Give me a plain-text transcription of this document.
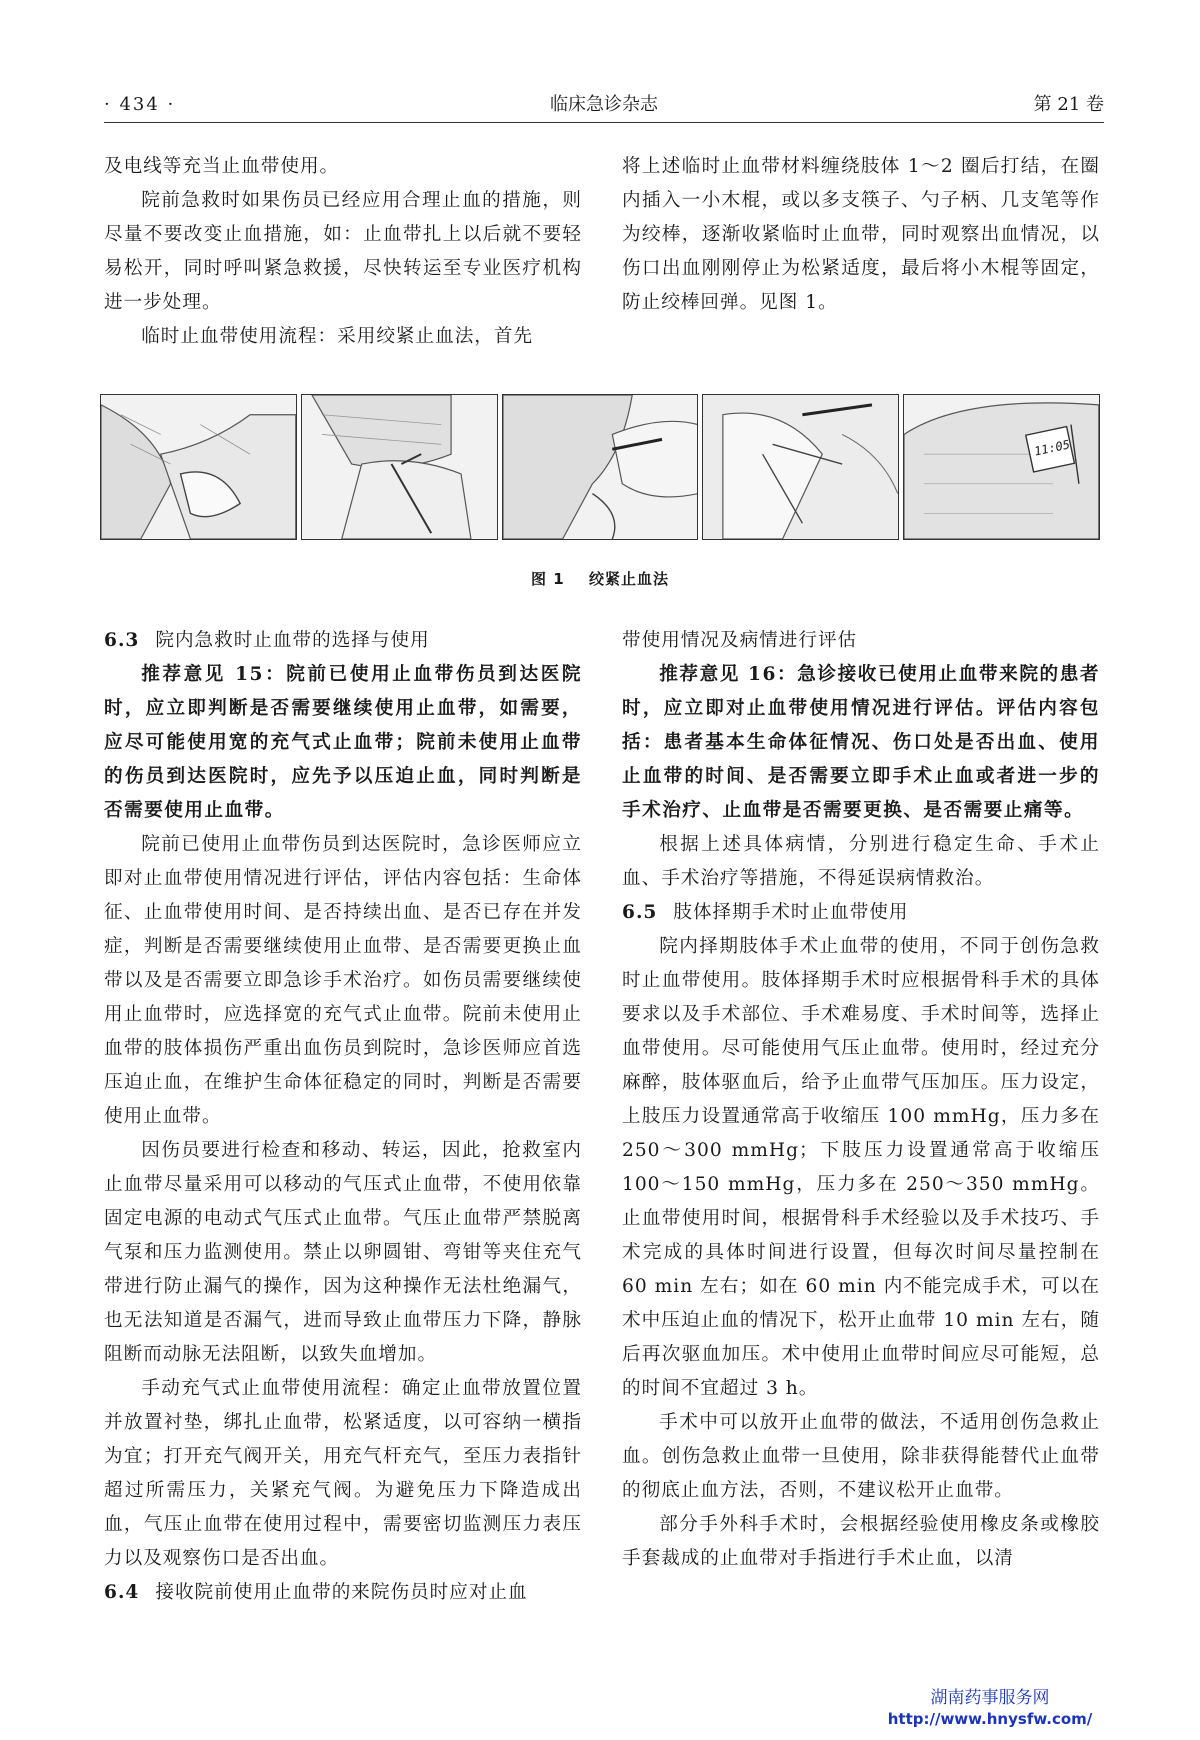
· 434 ·	临床急诊杂志	第 21 卷

及电线等充当止血带使用。

院前急救时如果伤员已经应用合理止血的措施，则尽量不要改变止血措施，如：止血带扎上以后就不要轻易松开，同时呼叫紧急救援，尽快转运至专业医疗机构进一步处理。

临时止血带使用流程：采用绞紧止血法，首先

将上述临时止血带材料缠绕肢体 1～2 圈后打结，在圈内插入一小木棍，或以多支筷子、勺子柄、几支笔等作为绞棒，逐渐收紧临时止血带，同时观察出血情况，以伤口出血刚刚停止为松紧适度，最后将小木棍等固定，防止绞棒回弹。见图 1。

11:05
图 1 绞紧止血法
6.3 院内急救时止血带的选择与使用

推荐意见 15：院前已使用止血带伤员到达医院时，应立即判断是否需要继续使用止血带，如需要，应尽可能使用宽的充气式止血带；院前未使用止血带的伤员到达医院时，应先予以压迫止血，同时判断是否需要使用止血带。

院前已使用止血带伤员到达医院时，急诊医师应立即对止血带使用情况进行评估，评估内容包括：生命体征、止血带使用时间、是否持续出血、是否已存在并发症，判断是否需要继续使用止血带、是否需要更换止血带以及是否需要立即急诊手术治疗。如伤员需要继续使用止血带时，应选择宽的充气式止血带。院前未使用止血带的肢体损伤严重出血伤员到院时，急诊医师应首选压迫止血，在维护生命体征稳定的同时，判断是否需要使用止血带。

因伤员要进行检查和移动、转运，因此，抢救室内止血带尽量采用可以移动的气压式止血带，不使用依靠固定电源的电动式气压式止血带。气压止血带严禁脱离气泵和压力监测使用。禁止以卵圆钳、弯钳等夹住充气带进行防止漏气的操作，因为这种操作无法杜绝漏气，也无法知道是否漏气，进而导致止血带压力下降，静脉阻断而动脉无法阻断，以致失血增加。

手动充气式止血带使用流程：确定止血带放置位置并放置衬垫，绑扎止血带，松紧适度，以可容纳一横指为宜；打开充气阀开关，用充气杆充气，至压力表指针超过所需压力，关紧充气阀。为避免压力下降造成出血，气压止血带在使用过程中，需要密切监测压力表压力以及观察伤口是否出血。

6.4 接收院前使用止血带的来院伤员时应对止血

带使用情况及病情进行评估

推荐意见 16：急诊接收已使用止血带来院的患者时，应立即对止血带使用情况进行评估。评估内容包括：患者基本生命体征情况、伤口处是否出血、使用止血带的时间、是否需要立即手术止血或者进一步的手术治疗、止血带是否需要更换、是否需要止痛等。

根据上述具体病情，分别进行稳定生命、手术止血、手术治疗等措施，不得延误病情救治。

6.5 肢体择期手术时止血带使用

院内择期肢体手术止血带的使用，不同于创伤急救时止血带使用。肢体择期手术时应根据骨科手术的具体要求以及手术部位、手术难易度、手术时间等，选择止血带使用。尽可能使用气压止血带。使用时，经过充分麻醉，肢体驱血后，给予止血带气压加压。压力设定，上肢压力设置通常高于收缩压 100 mmHg，压力多在 250～300 mmHg；下肢压力设置通常高于收缩压 100～150 mmHg，压力多在 250～350 mmHg。止血带使用时间，根据骨科手术经验以及手术技巧、手术完成的具体时间进行设置，但每次时间尽量控制在 60 min 左右；如在 60 min 内不能完成手术，可以在术中压迫止血的情况下，松开止血带 10 min 左右，随后再次驱血加压。术中使用止血带时间应尽可能短，总的时间不宜超过 3 h。

手术中可以放开止血带的做法，不适用创伤急救止血。创伤急救止血带一旦使用，除非获得能替代止血带的彻底止血方法，否则，不建议松开止血带。

部分手外科手术时，会根据经验使用橡皮条或橡胶手套裁成的止血带对手指进行手术止血，以清

湖南药事服务网
http://www.hnysfw.com/
